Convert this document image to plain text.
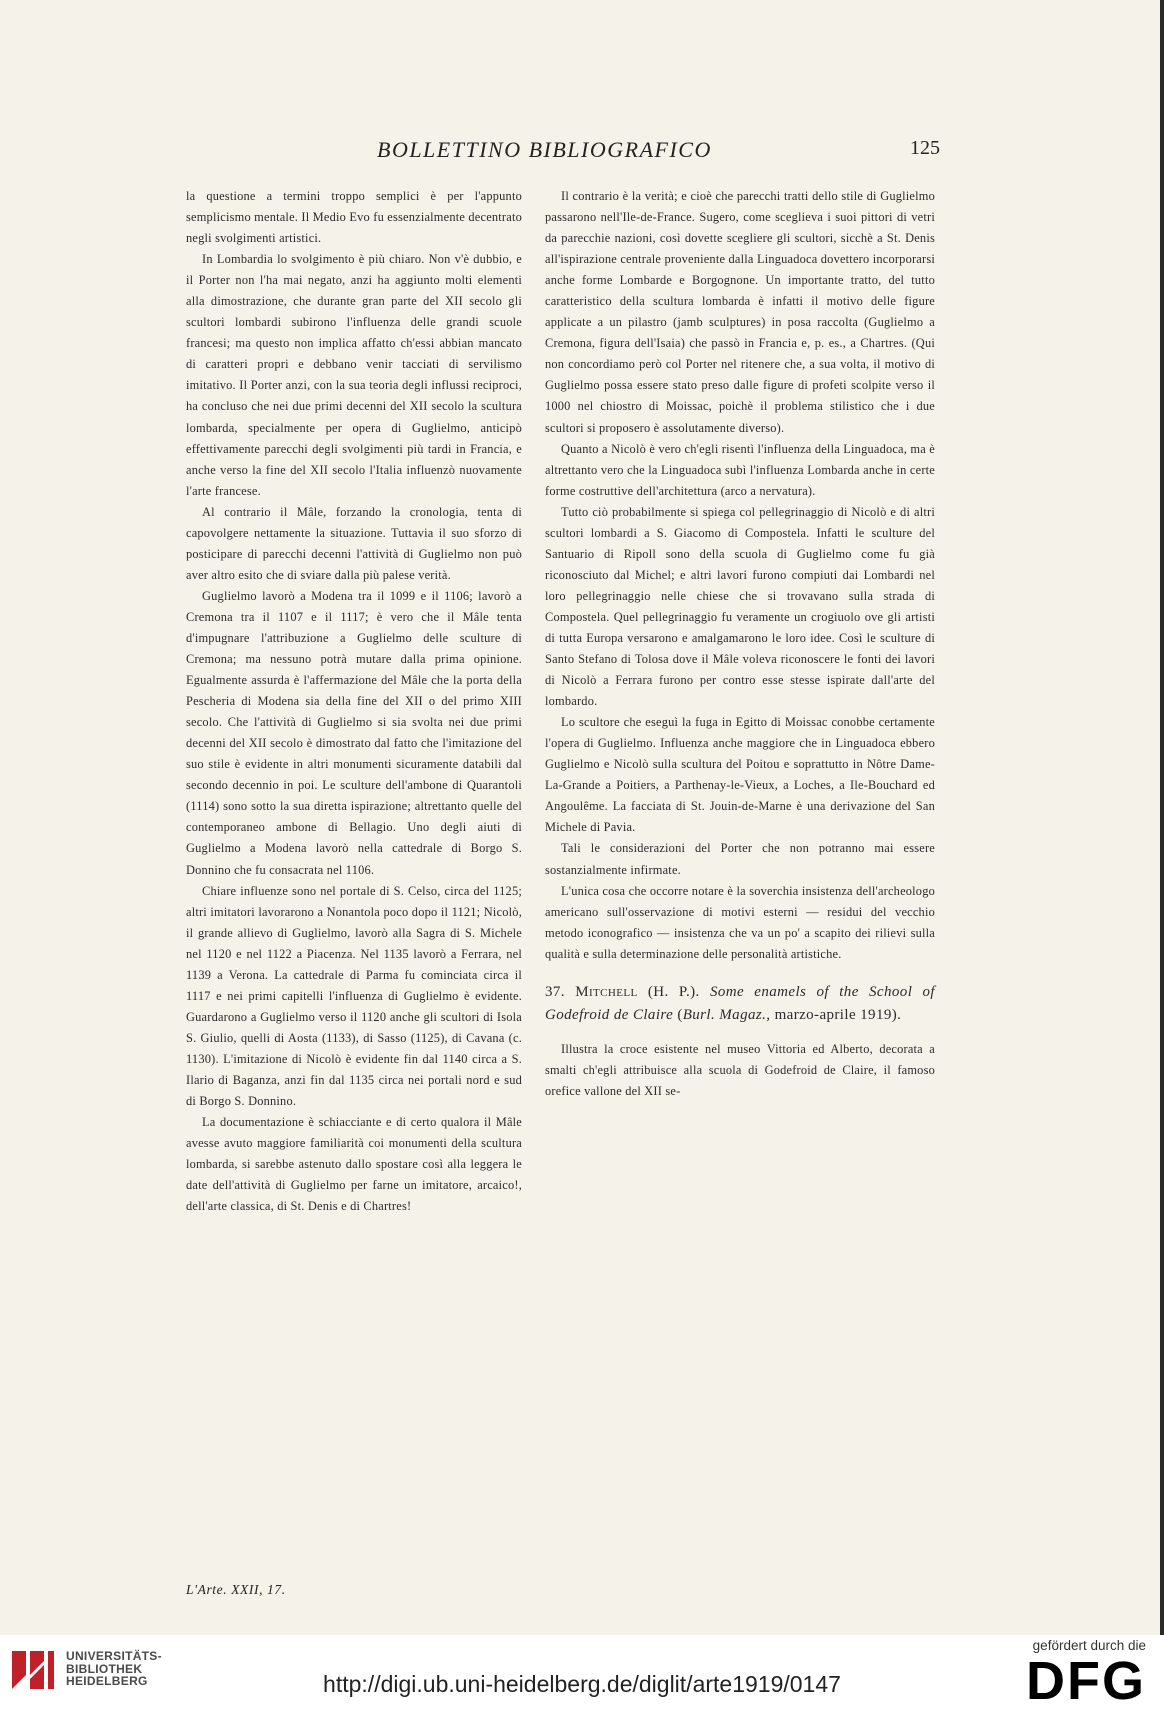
BOLLETTINO BIBLIOGRAFICO	125

la questione a termini troppo semplici è per l'appunto semplicismo mentale. Il Medio Evo fu essenzialmente decentrato negli svolgimenti artistici.

In Lombardia lo svolgimento è più chiaro. Non v'è dubbio, e il Porter non l'ha mai negato, anzi ha aggiunto molti elementi alla dimostrazione, che durante gran parte del XII secolo gli scultori lombardi subirono l'influenza delle grandi scuole francesi; ma questo non implica affatto ch'essi abbian mancato di caratteri propri e debbano venir tacciati di servilismo imitativo. Il Porter anzi, con la sua teoria degli influssi reciproci, ha concluso che nei due primi decenni del XII secolo la scultura lombarda, specialmente per opera di Guglielmo, anticipò effettivamente parecchi degli svolgimenti più tardi in Francia, e anche verso la fine del XII secolo l'Italia influenzò nuovamente l'arte francese.

Al contrario il Mâle, forzando la cronologia, tenta di capovolgere nettamente la situazione. Tuttavia il suo sforzo di posticipare di parecchi decenni l'attività di Guglielmo non può aver altro esito che di sviare dalla più palese verità.

Guglielmo lavorò a Modena tra il 1099 e il 1106; lavorò a Cremona tra il 1107 e il 1117; è vero che il Mâle tenta d'impugnare l'attribuzione a Guglielmo delle sculture di Cremona; ma nessuno potrà mutare dalla prima opinione. Egualmente assurda è l'affermazione del Mâle che la porta della Pescheria di Modena sia della fine del XII o del primo XIII secolo. Che l'attività di Guglielmo si sia svolta nei due primi decenni del XII secolo è dimostrato dal fatto che l'imitazione del suo stile è evidente in altri monumenti sicuramente databili dal secondo decennio in poi. Le sculture dell'ambone di Quarantoli (1114) sono sotto la sua diretta ispirazione; altrettanto quelle del contemporaneo ambone di Bellagio. Uno degli aiuti di Guglielmo a Modena lavorò nella cattedrale di Borgo S. Donnino che fu consacrata nel 1106.

Chiare influenze sono nel portale di S. Celso, circa del 1125; altri imitatori lavorarono a Nonantola poco dopo il 1121; Nicolò, il grande allievo di Guglielmo, lavorò alla Sagra di S. Michele nel 1120 e nel 1122 a Piacenza. Nel 1135 lavorò a Ferrara, nel 1139 a Verona. La cattedrale di Parma fu cominciata circa il 1117 e nei primi capitelli l'influenza di Guglielmo è evidente. Guardarono a Guglielmo verso il 1120 anche gli scultori di Isola S. Giulio, quelli di Aosta (1133), di Sasso (1125), di Cavana (c. 1130). L'imitazione di Nicolò è evidente fin dal 1140 circa a S. Ilario di Baganza, anzi fin dal 1135 circa nei portali nord e sud di Borgo S. Donnino.

La documentazione è schiacciante e di certo qualora il Mâle avesse avuto maggiore familiarità coi monumenti della scultura lombarda, si sarebbe astenuto dallo spostare così alla leggera le date dell'attività di Guglielmo per farne un imitatore, arcaico!, dell'arte classica, di St. Denis e di Chartres!

Il contrario è la verità; e cioè che parecchi tratti dello stile di Guglielmo passarono nell'Ile-de-France. Sugero, come sceglieva i suoi pittori di vetri da parecchie nazioni, così dovette scegliere gli scultori, sicchè a St. Denis all'ispirazione centrale proveniente dalla Linguadoca dovettero incorporarsi anche forme Lombarde e Borgognone. Un importante tratto, del tutto caratteristico della scultura lombarda è infatti il motivo delle figure applicate a un pilastro (jamb sculptures) in posa raccolta (Guglielmo a Cremona, figura dell'Isaia) che passò in Francia e, p. es., a Chartres. (Qui non concordiamo però col Porter nel ritenere che, a sua volta, il motivo di Guglielmo possa essere stato preso dalle figure di profeti scolpite verso il 1000 nel chiostro di Moissac, poichè il problema stilistico che i due scultori si proposero è assolutamente diverso).

Quanto a Nicolò è vero ch'egli risentì l'influenza della Linguadoca, ma è altrettanto vero che la Linguadoca subì l'influenza Lombarda anche in certe forme costruttive dell'architettura (arco a nervatura).

Tutto ciò probabilmente si spiega col pellegrinaggio di Nicolò e di altri scultori lombardi a S. Giacomo di Compostela. Infatti le sculture del Santuario di Ripoll sono della scuola di Guglielmo come fu già riconosciuto dal Michel; e altri lavori furono compiuti dai Lombardi nel loro pellegrinaggio nelle chiese che si trovavano sulla strada di Compostela. Quel pellegrinaggio fu veramente un crogiuolo ove gli artisti di tutta Europa versarono e amalgamarono le loro idee. Così le sculture di Santo Stefano di Tolosa dove il Mâle voleva riconoscere le fonti dei lavori di Nicolò a Ferrara furono per contro esse stesse ispirate dall'arte del lombardo.

Lo scultore che eseguì la fuga in Egitto di Moissac conobbe certamente l'opera di Guglielmo. Influenza anche maggiore che in Linguadoca ebbero Guglielmo e Nicolò sulla scultura del Poitou e soprattutto in Nôtre Dame-La-Grande a Poitiers, a Parthenay-le-Vieux, a Loches, a Ile-Bouchard ed Angoulême. La facciata di St. Jouin-de-Marne è una derivazione del San Michele di Pavia.

Tali le considerazioni del Porter che non potranno mai essere sostanzialmente infirmate.

L'unica cosa che occorre notare è la soverchia insistenza dell'archeologo americano sull'osservazione di motivi esterni — residui del vecchio metodo iconografico — insistenza che va un po' a scapito dei rilievi sulla qualità e sulla determinazione delle personalità artistiche.

37. Mitchell (H. P.). Some enamels of the School of Godefroid de Claire (Burl. Magaz., marzo-aprile 1919).

Illustra la croce esistente nel museo Vittoria ed Alberto, decorata a smalti ch'egli attribuisce alla scuola di Godefroid de Claire, il famoso orefice vallone del XII se-

L'Arte. XXII, 17.
UNIVERSITÄTS-
BIBLIOTHEK
HEIDELBERG	http://digi.ub.uni-heidelberg.de/diglit/arte1919/0147
gefördert durch die
DFG
